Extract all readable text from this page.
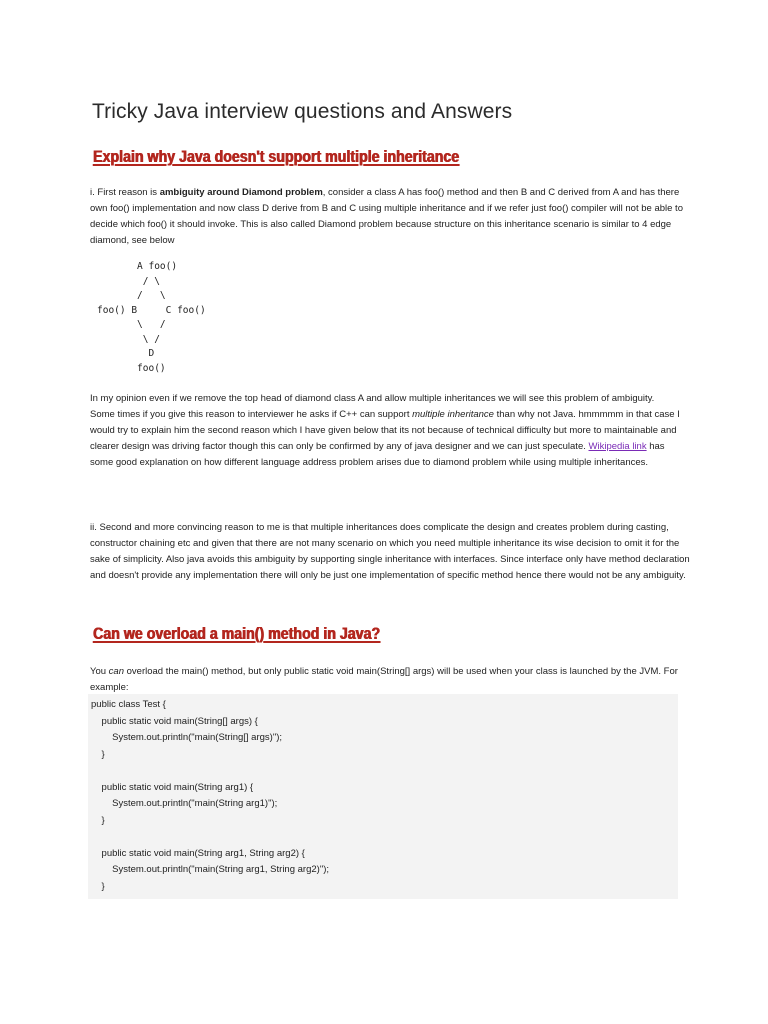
Tricky Java interview questions and Answers
Explain why Java doesn't support multiple inheritance

i. First reason is ambiguity around Diamond problem, consider a class A has foo() method and then B and C derived from A and has there own foo() implementation and now class D derive from B and C using multiple inheritance and if we refer just foo() compiler will not be able to decide which foo() it should invoke. This is also called Diamond problem because structure on this inheritance scenario is similar to 4 edge diamond, see below

A foo()
/ \
/   \
foo() B     C foo()
\   /
\ /
D
foo()

In my opinion even if we remove the top head of diamond class A and allow multiple inheritances we will see this problem of ambiguity.
Some times if you give this reason to interviewer he asks if C++ can support multiple inheritance than why not Java. hmmmmm in that case I would try to explain him the second reason which I have given below that its not because of technical difficulty but more to maintainable and clearer design was driving factor though this can only be confirmed by any of java designer and we can just speculate. Wikipedia link has some good explanation on how different language address problem arises due to diamond problem while using multiple inheritances.

ii. Second and more convincing reason to me is that multiple inheritances does complicate the design and creates problem during casting, constructor chaining etc and given that there are not many scenario on which you need multiple inheritance its wise decision to omit it for the sake of simplicity. Also java avoids this ambiguity by supporting single inheritance with interfaces. Since interface only have method declaration and doesn't provide any implementation there will only be just one implementation of specific method hence there would not be any ambiguity.

Can we overload a main() method in Java?

You can overload the main() method, but only public static void main(String[] args) will be used when your class is launched by the JVM. For example:

public class Test {
public static void main(String[] args) {
System.out.println("main(String[] args)");
}

public static void main(String arg1) {
System.out.println("main(String arg1)");
}

public static void main(String arg1, String arg2) {
System.out.println("main(String arg1, String arg2)");
}
